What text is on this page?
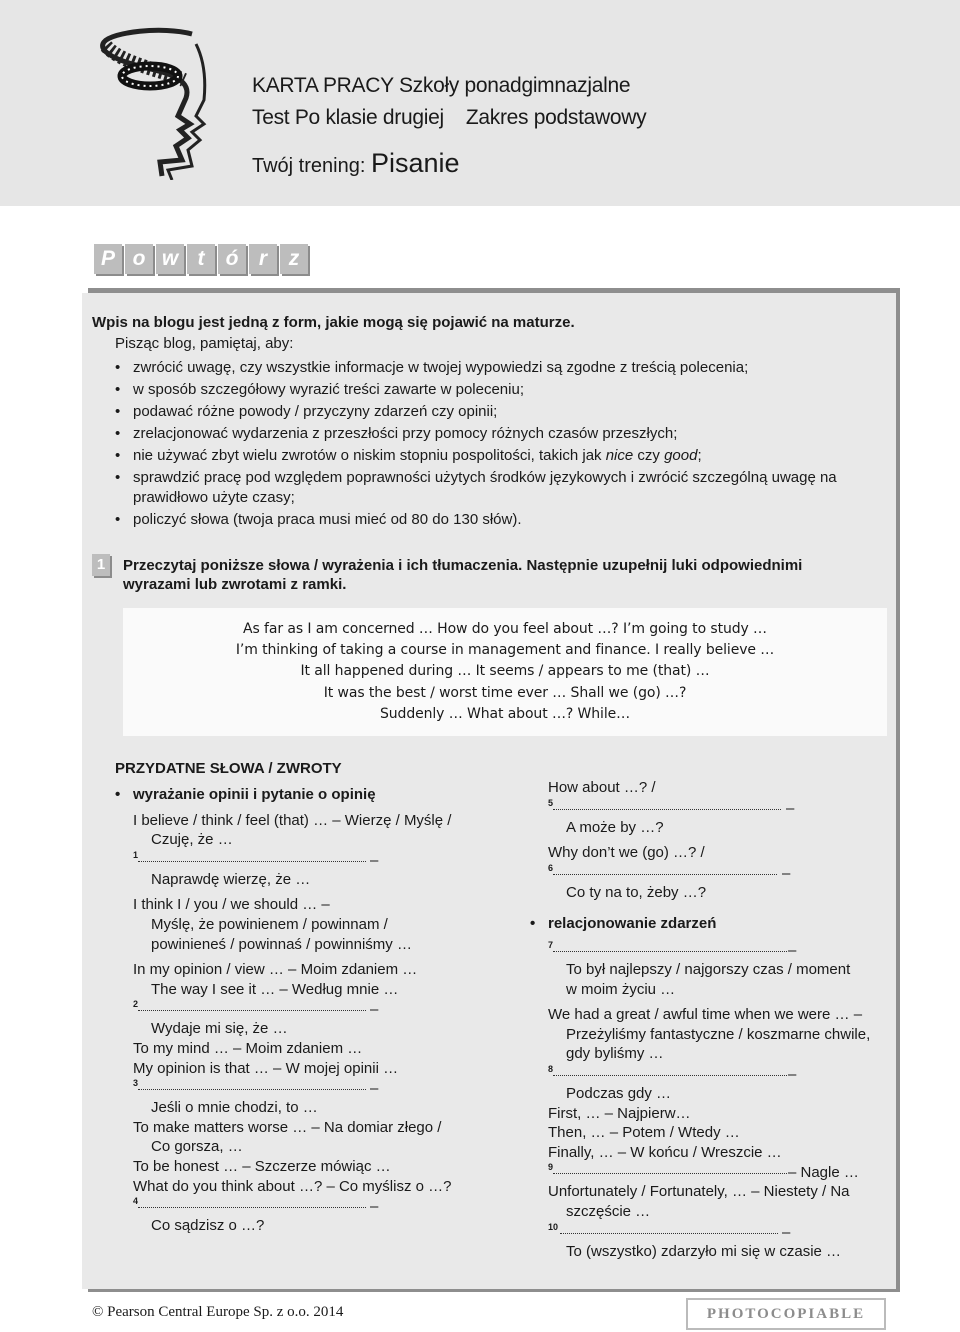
KARTA PRACY Szkoły ponadgimnazjalne
Test Po klasie drugiej Zakres podstawowy
Twój trening: Pisanie
P o w t	ó r	z
Wpis na blogu jest jedną z form, jakie mogą się pojawić na maturze.
Pisząc blog, pamiętaj, aby:
• zwrócić uwagę, czy wszystkie informacje w twojej wypowiedzi są zgodne z treścią polecenia;
• w sposób szczegółowy wyrazić treści zawarte w poleceniu;
• podawać różne powody / przyczyny zdarzeń czy opinii;
• zrelacjonować wydarzenia z przeszłości przy pomocy różnych czasów przeszłych;
• nie używać zbyt wielu zwrotów o niskim stopniu pospolitości, takich jak nice czy good;
• sprawdzić pracę pod względem poprawności użytych środków językowych i zwrócić szczególną uwagę na prawidłowo użyte czasy;
• policzyć słowa (twoja praca musi mieć od 80 do 130 słów).
1	Przeczytaj poniższe słowa / wyrażenia i ich tłumaczenia. Następnie uzupełnij luki odpowiednimi wyrazami lub zwrotami z ramki.
As far as I am concerned … How do you feel about …? I’m going to study …
I’m thinking of taking a course in management and finance. I really believe …
It all happened during … It seems / appears to me (that) …
It was the best / worst time ever … Shall we (go) …?
Suddenly … What about …? While…
PRZYDATNE SŁOWA / ZWROTY
• wyrażanie opinii i pytanie o opinię
I believe / think / feel (that) … – Wierzę / Myślę /
Czuję, że …
1	–
Naprawdę wierzę, że …
I think I / you / we should … –
Myślę, że powinienem / powinnam /
powinieneś / powinnaś / powinniśmy …
In my opinion / view … – Moim zdaniem …
The way I see it … – Według mnie …
2	–
Wydaje mi się, że …
To my mind … – Moim zdaniem …
My opinion is that … – W mojej opinii …
3	–
Jeśli o mnie chodzi, to …
To make matters worse … – Na domiar złego /
Co gorsza, …
To be honest … – Szczerze mówiąc …
What do you think about …? – Co myślisz o …?
4	–
Co sądzisz o …?
How about …? /
5	–
A może by …?
Why don’t we (go) …? /
6	–
Co ty na to, żeby …?
• relacjonowanie zdarzeń
7	–
To był najlepszy / najgorszy czas / moment
w moim życiu …
We had a great / awful time when we were … –
Przeżyliśmy fantastyczne / koszmarne chwile,
gdy byliśmy …
8	–
Podczas gdy …
First, … – Najpierw…
Then, … – Potem / Wtedy …
Finally, … – W końcu / Wreszcie …
9	– Nagle …
Unfortunately / Fortunately, … – Niestety / Na
szczęście …
10	–
To (wszystko) zdarzyło mi się w czasie …
© Pearson Central Europe Sp. z o.o. 2014	PHOTOCOPIABLE
